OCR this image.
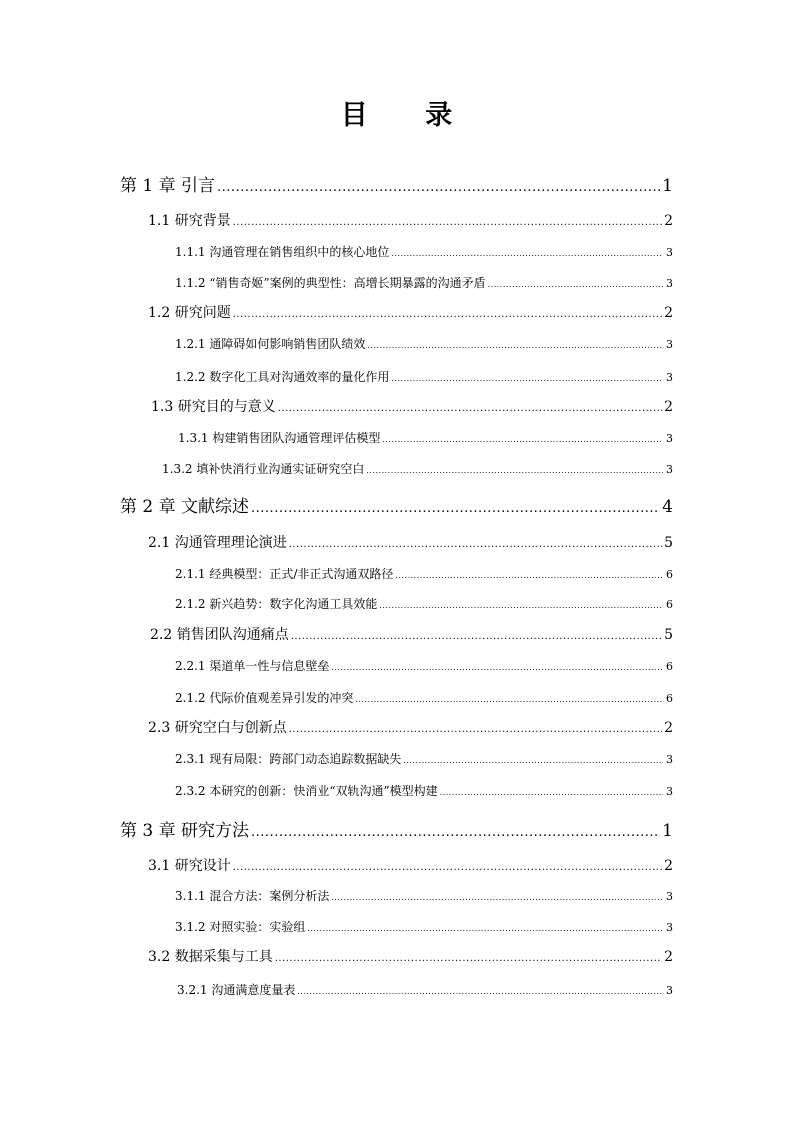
目 录
第 1 章 引言 .....	1
1.1 研究背景 .....	2
1.1.1 沟通管理在销售组织中的核心地位 .....	3
1.1.2 “销售奇姬”案例的典型性：高增长期暴露的沟通矛盾 .....	3
1.2 研究问题 .....	2
1.2.1 通障碍如何影响销售团队绩效 .....	3
1.2.2 数字化工具对沟通效率的量化作用 .....	3
1.3 研究目的与意义 .....	2
1.3.1 构建销售团队沟通管理评估模型 .....	3
1.3.2 填补快消行业沟通实证研究空白 .....	3
第 2 章 文献综述 .....	4
2.1 沟通管理理论演进 .....	5
2.1.1 经典模型：正式/非正式沟通双路径 .....	6
2.1.2 新兴趋势：数字化沟通工具效能 .....	6
2.2 销售团队沟通痛点 .....	5
2.2.1 渠道单一性与信息壁垒 .....	6
2.1.2 代际价值观差异引发的冲突 .....	6
2.3 研究空白与创新点 .....	2
2.3.1 现有局限：跨部门动态追踪数据缺失 .....	3
2.3.2 本研究的创新：快消业“双轨沟通”模型构建 .....	3
第 3 章 研究方法 .....	1
3.1 研究设计 .....	2
3.1.1 混合方法：案例分析法 .....	3
3.1.2 对照实验：实验组 .....	3
3.2 数据采集与工具 .....	2
3.2.1 沟通满意度量表 .....	3
